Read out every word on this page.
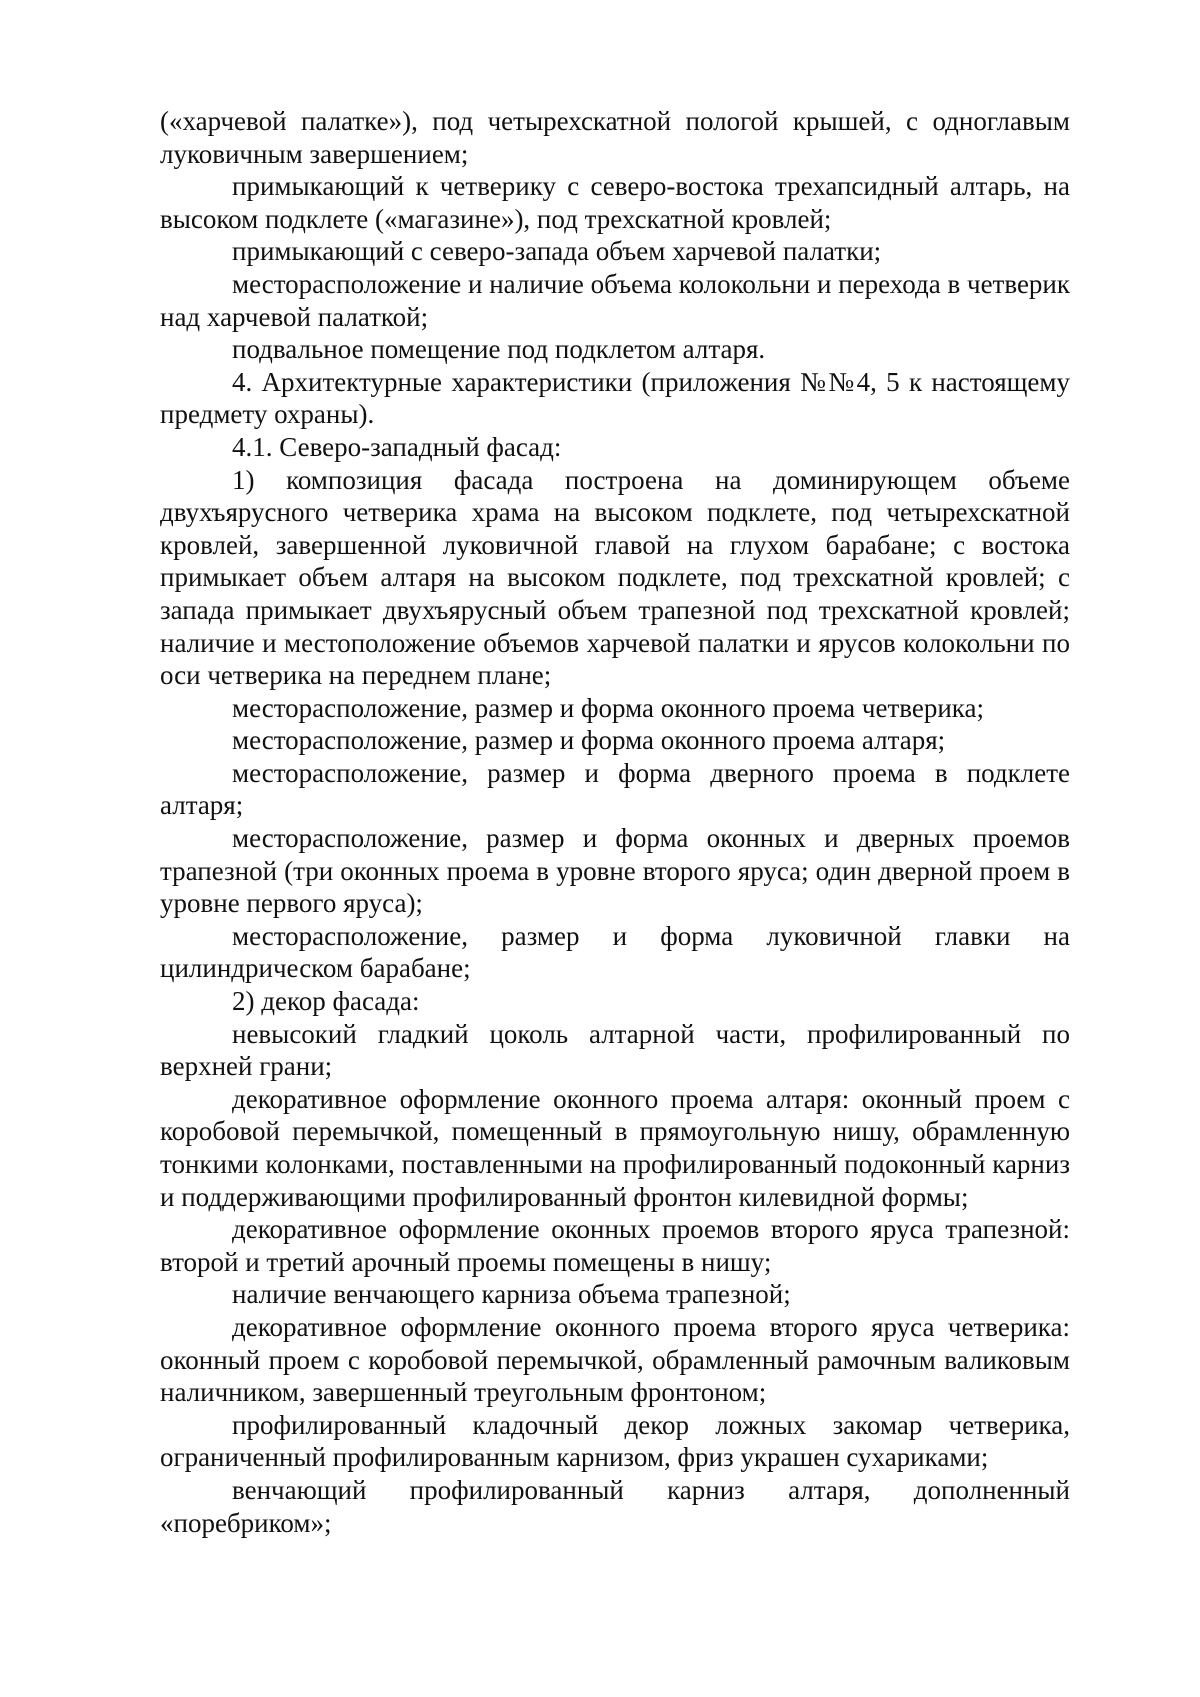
(«харчевой палатке»), под четырехскатной пологой крышей, с одноглавым луковичным завершением;

примыкающий к четверику с северо-востока трехапсидный алтарь, на высоком подклете («магазине»), под трехскатной кровлей;

примыкающий с северо-запада объем харчевой палатки;

месторасположение и наличие объема колокольни и перехода в четверик над харчевой палаткой;

подвальное помещение под подклетом алтаря.

4. Архитектурные характеристики (приложения №№4, 5 к настоящему предмету охраны).

4.1. Северо-западный фасад:

1) композиция фасада построена на доминирующем объеме двухъярусного четверика храма на высоком подклете, под четырехскатной кровлей, завершенной луковичной главой на глухом барабане; с востока примыкает объем алтаря на высоком подклете, под трехскатной кровлей; с запада примыкает двухъярусный объем трапезной под трехскатной кровлей; наличие и местоположение объемов харчевой палатки и ярусов колокольни по оси четверика на переднем плане;

месторасположение, размер и форма оконного проема четверика;

месторасположение, размер и форма оконного проема алтаря;

месторасположение, размер и форма дверного проема в подклете алтаря;

месторасположение, размер и форма оконных и дверных проемов трапезной (три оконных проема в уровне второго яруса; один дверной проем в уровне первого яруса);

месторасположение, размер и форма луковичной главки на цилиндрическом барабане;

2) декор фасада:

невысокий гладкий цоколь алтарной части, профилированный по верхней грани;

декоративное оформление оконного проема алтаря: оконный проем с коробовой перемычкой, помещенный в прямоугольную нишу, обрамленную тонкими колонками, поставленными на профилированный подоконный карниз и поддерживающими профилированный фронтон килевидной формы;

декоративное оформление оконных проемов второго яруса трапезной: второй и третий арочный проемы помещены в нишу;

наличие венчающего карниза объема трапезной;

декоративное оформление оконного проема второго яруса четверика: оконный проем с коробовой перемычкой, обрамленный рамочным валиковым наличником, завершенный треугольным фронтоном;

профилированный кладочный декор ложных закомар четверика, ограниченный профилированным карнизом, фриз украшен сухариками;

венчающий профилированный карниз алтаря, дополненный «поребриком»;
